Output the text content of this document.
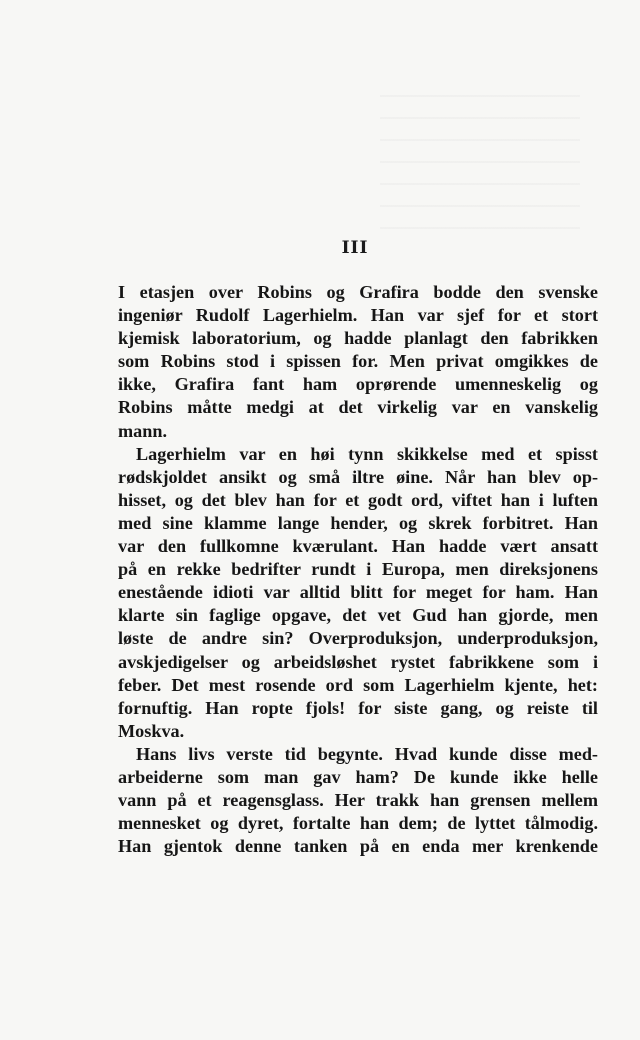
III
I etasjen over Robins og Grafira bodde den svenske
ingeniør Rudolf Lagerhielm. Han var sjef for et stort
kjemisk laboratorium, og hadde planlagt den fabrikken
som Robins stod i spissen for. Men privat omgikkes de
ikke, Grafira fant ham oprørende umenneskelig og
Robins måtte medgi at det virkelig var en vanskelig
mann.
Lagerhielm var en høi tynn skikkelse med et spisst
rødskjoldet ansikt og små iltre øine. Når han blev op-
hisset, og det blev han for et godt ord, viftet han i luften
med sine klamme lange hender, og skrek forbitret. Han
var den fullkomne kværulant. Han hadde vært ansatt
på en rekke bedrifter rundt i Europa, men direksjonens
enestående idioti var alltid blitt for meget for ham. Han
klarte sin faglige opgave, det vet Gud han gjorde, men
løste de andre sin? Overproduksjon, underproduksjon,
avskjedigelser og arbeidsløshet rystet fabrikkene som i
feber. Det mest rosende ord som Lagerhielm kjente, het:
fornuftig. Han ropte fjols! for siste gang, og reiste til
Moskva.
Hans livs verste tid begynte. Hvad kunde disse med-
arbeiderne som man gav ham? De kunde ikke helle
vann på et reagensglass. Her trakk han grensen mellem
mennesket og dyret, fortalte han dem; de lyttet tålmodig.
Han gjentok denne tanken på en enda mer krenkende
